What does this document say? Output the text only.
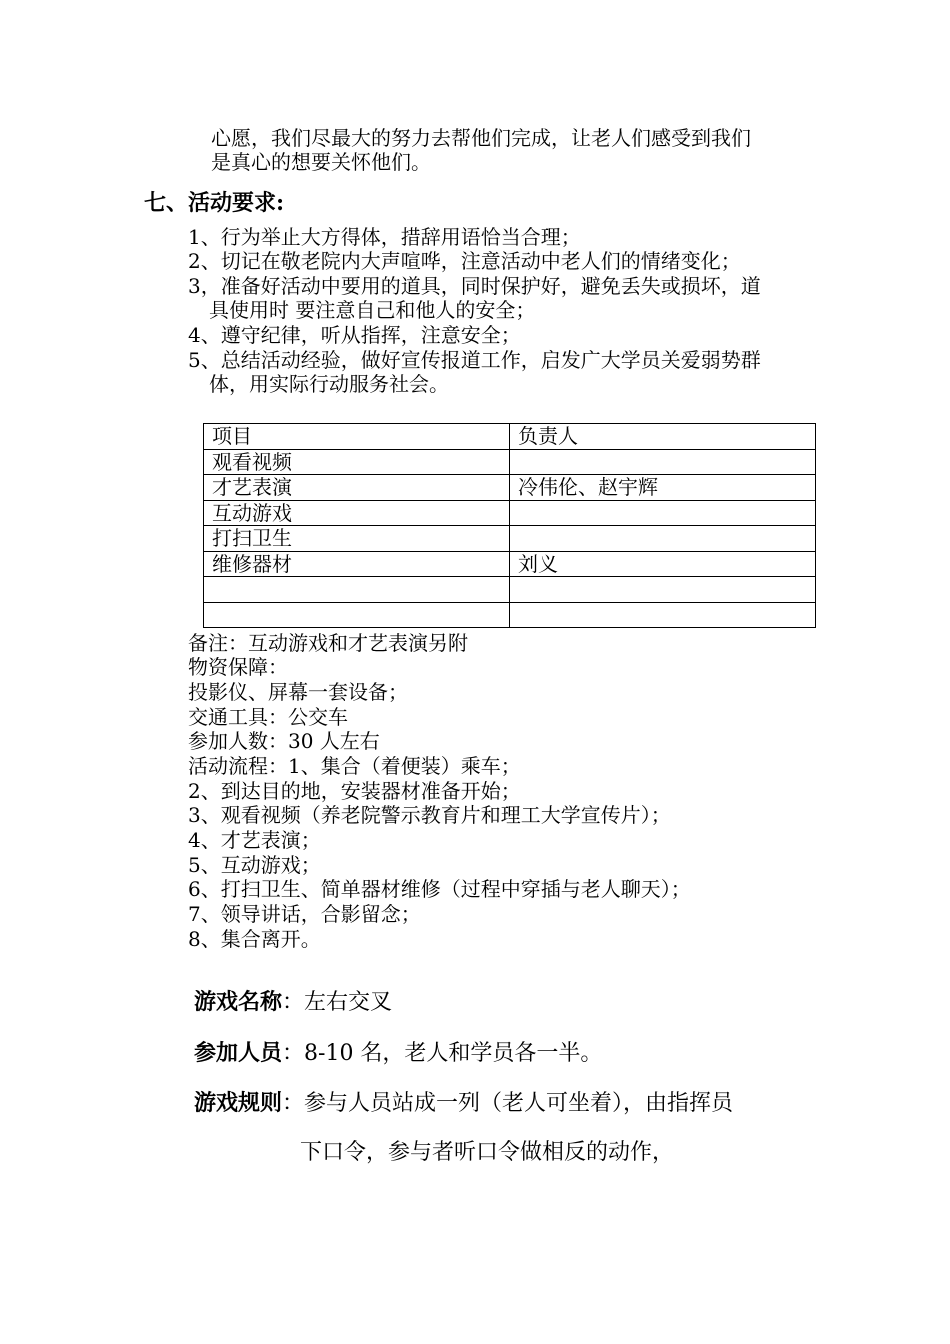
心愿，我们尽最大的努力去帮他们完成，让老人们感受到我们
是真心的想要关怀他们。
七、活动要求:
1、行为举止大方得体，措辞用语恰当合理；
2、切记在敬老院内大声喧哗，注意活动中老人们的情绪变化；
3，准备好活动中要用的道具，同时保护好，避免丢失或损坏，道
具使用时 要注意自己和他人的安全；
4、遵守纪律，听从指挥，注意安全；
5、总结活动经验，做好宣传报道工作，启发广大学员关爱弱势群
体，用实际行动服务社会。
项目	负责人
观看视频	
才艺表演	冷伟伦、赵宇辉
互动游戏	
打扫卫生	
维修器材	刘义

备注：互动游戏和才艺表演另附
物资保障：
投影仪、屏幕一套设备；
交通工具：公交车
参加人数：30 人左右
活动流程：1、集合（着便装）乘车；
2、到达目的地，安装器材准备开始；
3、观看视频（养老院警示教育片和理工大学宣传片）；
4、才艺表演；
5、互动游戏；
6、打扫卫生、简单器材维修（过程中穿插与老人聊天）；
7、领导讲话，合影留念；
8、集合离开。
游戏名称：左右交叉
参加人员：8-10 名，老人和学员各一半。
游戏规则：参与人员站成一列（老人可坐着），由指挥员
下口令，参与者听口令做相反的动作，
